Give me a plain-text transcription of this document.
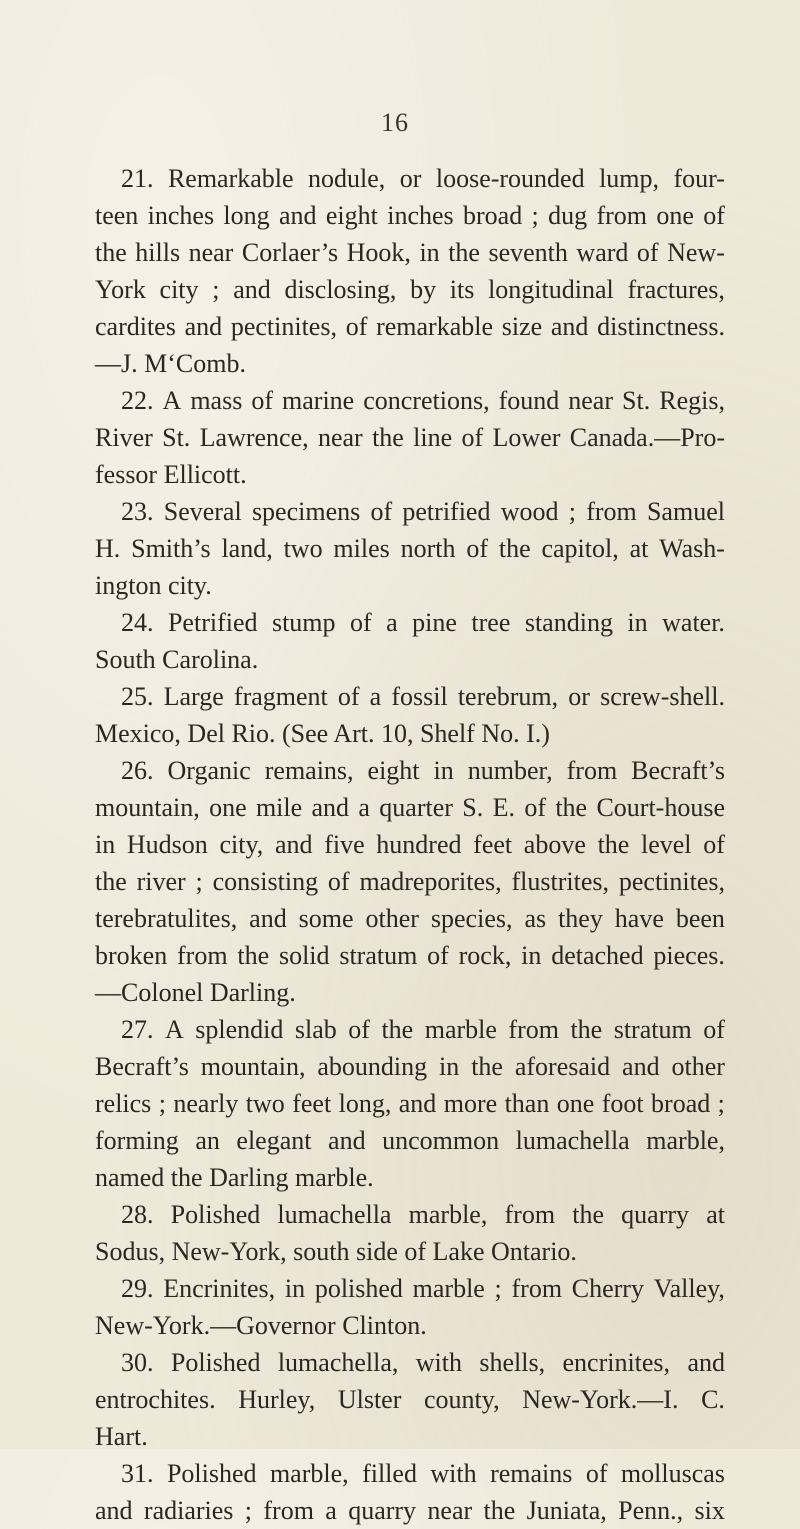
16
21. Remarkable nodule, or loose-rounded lump, four-
teen inches long and eight inches broad ; dug from one of
the hills near Corlaer’s Hook, in the seventh ward of New-
York city ; and disclosing, by its longitudinal fractures,
cardites and pectinites, of remarkable size and distinctness.
—J. M‘Comb.
22. A mass of marine concretions, found near St. Regis,
River St. Lawrence, near the line of Lower Canada.—Pro-
fessor Ellicott.
23. Several specimens of petrified wood ; from Samuel
H. Smith’s land, two miles north of the capitol, at Wash-
ington city.
24. Petrified stump of a pine tree standing in water.
South Carolina.
25. Large fragment of a fossil terebrum, or screw-shell.
Mexico, Del Rio. (See Art. 10, Shelf No. I.)
26. Organic remains, eight in number, from Becraft’s
mountain, one mile and a quarter S. E. of the Court-house
in Hudson city, and five hundred feet above the level of
the river ; consisting of madreporites, flustrites, pectinites,
terebratulites, and some other species, as they have been
broken from the solid stratum of rock, in detached pieces.
—Colonel Darling.
27. A splendid slab of the marble from the stratum of
Becraft’s mountain, abounding in the aforesaid and other
relics ; nearly two feet long, and more than one foot broad ;
forming an elegant and uncommon lumachella marble,
named the Darling marble.
28. Polished lumachella marble, from the quarry at
Sodus, New-York, south side of Lake Ontario.
29. Encrinites, in polished marble ; from Cherry Valley,
New-York.—Governor Clinton.
30. Polished lumachella, with shells, encrinites, and
entrochites. Hurley, Ulster county, New-York.—I. C.
Hart.
31. Polished marble, filled with remains of molluscas
and radiaries ; from a quarry near the Juniata, Penn., six
